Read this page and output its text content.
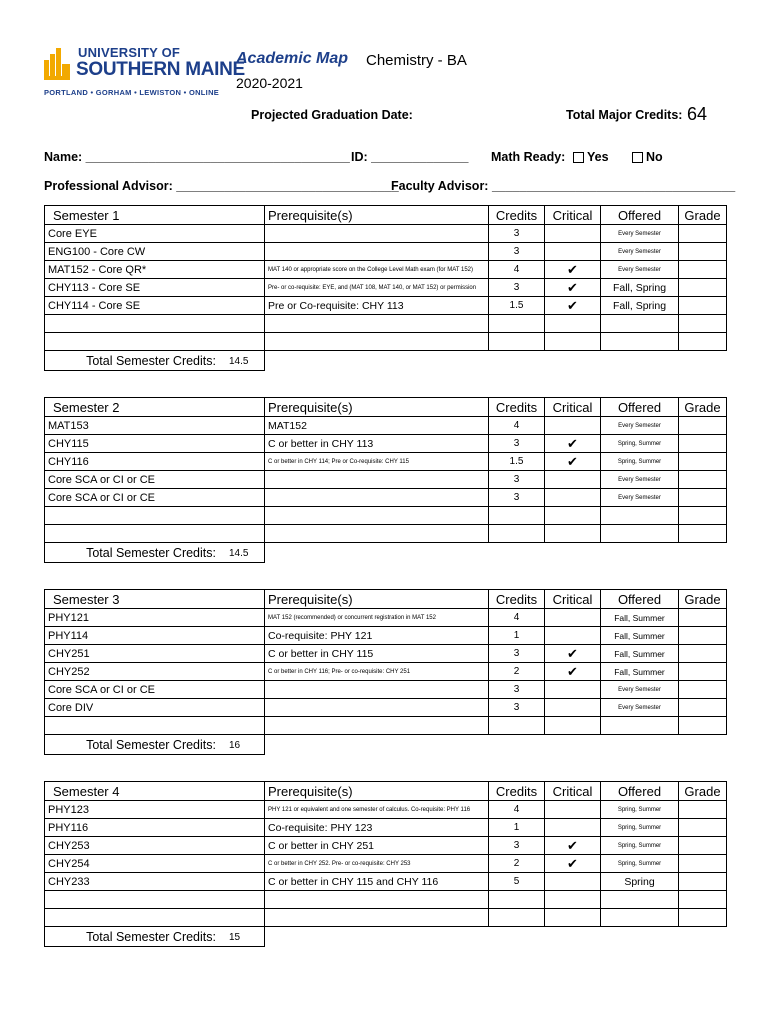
UNIVERSITY OF
SOUTHERN MAINE
PORTLAND • GORHAM • LEWISTON • ONLINE
Academic Map Chemistry - BA
2020-2021
Projected Graduation Date:	Total Major Credits: 64
Name: ______________________________________ ID: ______________ Math Ready:	Yes	No
Professional Advisor: ________________________________
Faculty Advisor: ___________________________________
Semester 1	Prerequisite(s)	Credits	Critical	Offered	Grade
Core EYE		3		Every Semester	
ENG100 - Core CW		3		Every Semester	
MAT152 - Core QR*	MAT 140 or appropriate score on the College Level Math exam (for MAT 152)	4	✔	Every Semester	
CHY113 - Core SE	Pre- or co-requisite: EYE, and (MAT 108, MAT 140, or MAT 152) or permission	3	✔	Fall, Spring	
CHY114 - Core SE	Pre or Co-requisite: CHY 113	1.5	✔	Fall, Spring	

Total Semester Credits: 14.5					
Semester 2	Prerequisite(s)	Credits	Critical	Offered	Grade
MAT153	MAT152	4		Every Semester	
CHY115	C or better in CHY 113	3	✔	Spring, Summer	
CHY116	C or better in CHY 114; Pre or Co-requisite: CHY 115	1.5	✔	Spring, Summer	
Core SCA or CI or CE		3		Every Semester	
Core SCA or CI or CE		3		Every Semester	

Total Semester Credits: 14.5					
Semester 3	Prerequisite(s)	Credits	Critical	Offered	Grade
PHY121	MAT 152 (recommended) or concurrent registration in MAT 152	4		Fall, Summer	
PHY114	Co-requisite: PHY 121	1		Fall, Summer	
CHY251	C or better in CHY 115	3	✔	Fall, Summer	
CHY252	C or better in CHY 116; Pre- or co-requisite: CHY 251	2	✔	Fall, Summer	
Core SCA or CI or CE		3		Every Semester	
Core DIV		3		Every Semester	

Total Semester Credits: 16					
Semester 4	Prerequisite(s)	Credits	Critical	Offered	Grade
PHY123	PHY 121 or equivalent and one semester of calculus. Co-requisite: PHY 116	4		Spring, Summer	
PHY116	Co-requisite: PHY 123	1		Spring, Summer	
CHY253	C or better in CHY 251	3	✔	Spring, Summer	
CHY254	C or better in CHY 252. Pre- or co-requisite: CHY 253	2	✔	Spring, Summer	
CHY233	C or better in CHY 115 and CHY 116	5		Spring	

Total Semester Credits: 15					
